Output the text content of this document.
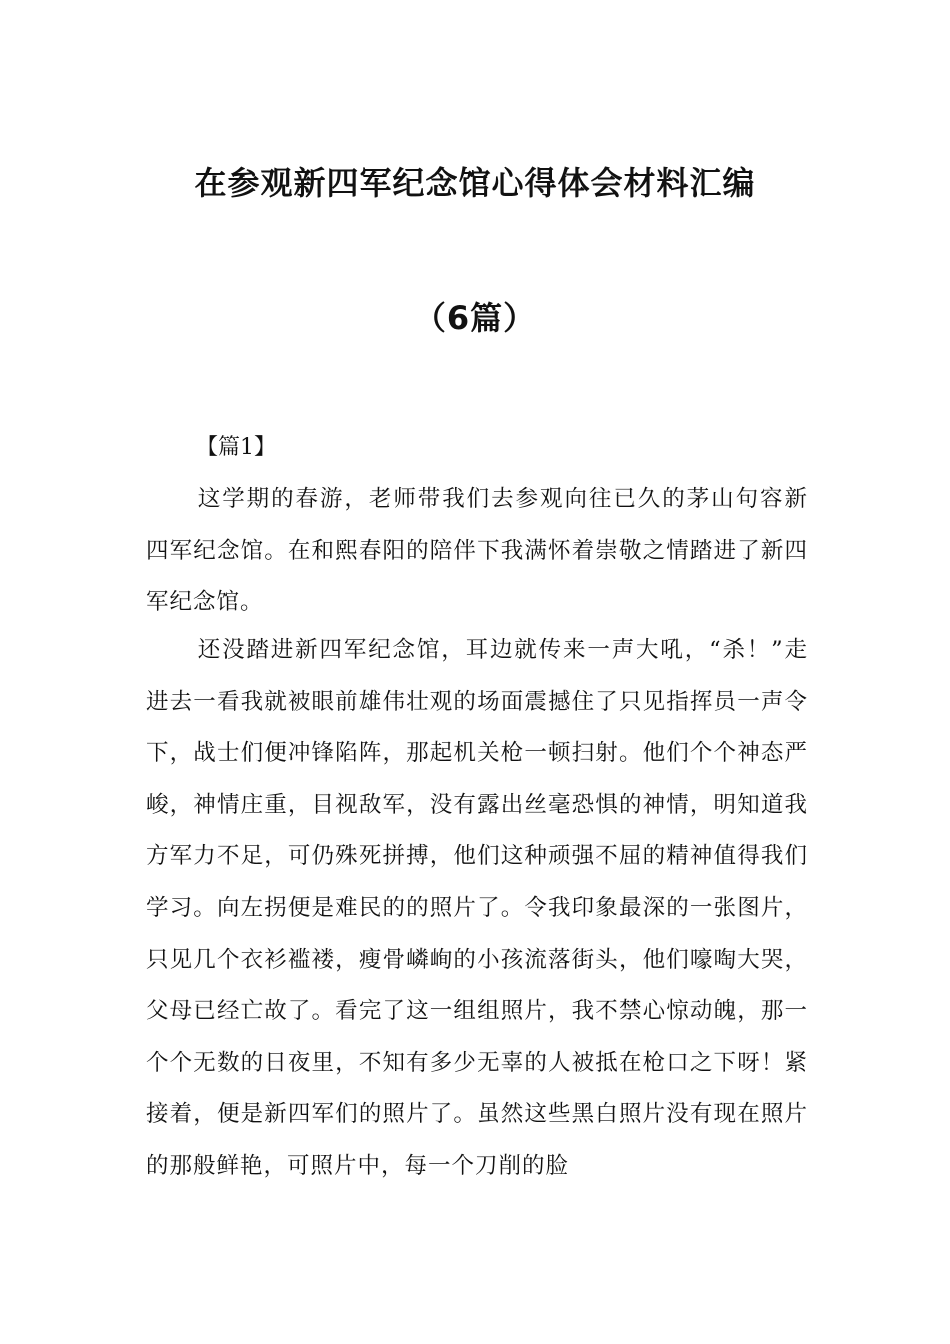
在参观新四军纪念馆心得体会材料汇编
（6篇）

【篇1】

这学期的春游，老师带我们去参观向往已久的茅山句容新四军纪念馆。在和熙春阳的陪伴下我满怀着崇敬之情踏进了新四军纪念馆。

还没踏进新四军纪念馆，耳边就传来一声大吼，“杀！”走进去一看我就被眼前雄伟壮观的场面震撼住了只见指挥员一声令下，战士们便冲锋陷阵，那起机关枪一顿扫射。他们个个神态严峻，神情庄重，目视敌军，没有露出丝毫恐惧的神情，明知道我方军力不足，可仍殊死拼搏，他们这种顽强不屈的精神值得我们学习。向左拐便是难民的的照片了。令我印象最深的一张图片，只见几个衣衫褴褛，瘦骨嶙峋的小孩流落街头，他们嚎啕大哭，父母已经亡故了。看完了这一组组照片，我不禁心惊动魄，那一个个无数的日夜里，不知有多少无辜的人被抵在枪口之下呀！紧接着，便是新四军们的照片了。虽然这些黑白照片没有现在照片的那般鲜艳，可照片中，每一个刀削的脸
